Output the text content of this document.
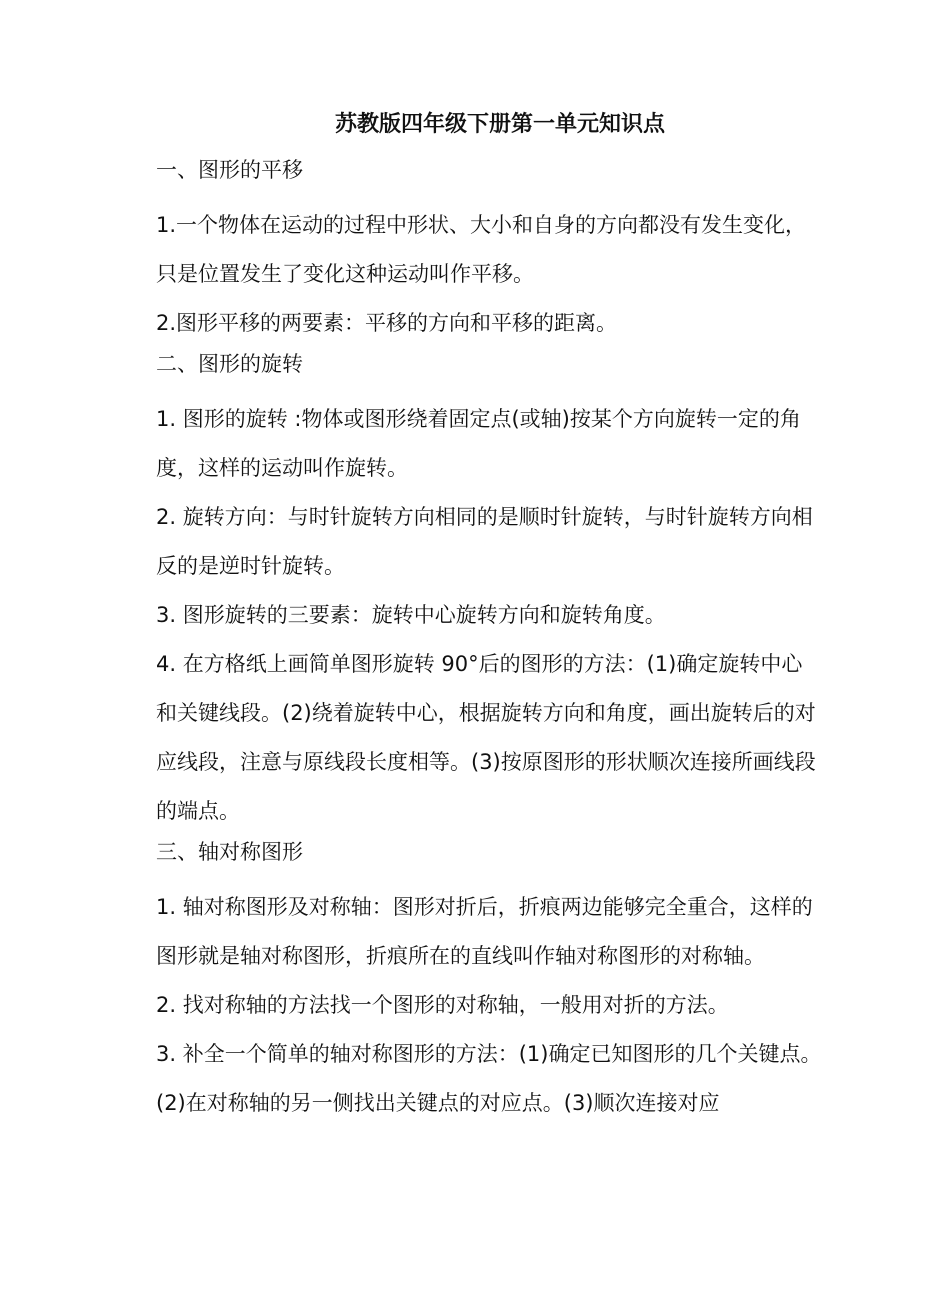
苏教版四年级下册第一单元知识点
一、图形的平移

1.一个物体在运动的过程中形状、大小和自身的方向都没有发生变化，只是位置发生了变化这种运动叫作平移。

2.图形平移的两要素：平移的方向和平移的距离。

二、图形的旋转

1. 图形的旋转 :物体或图形绕着固定点(或轴)按某个方向旋转一定的角度，这样的运动叫作旋转。

2. 旋转方向：与时针旋转方向相同的是顺时针旋转，与时针旋转方向相反的是逆时针旋转。

3. 图形旋转的三要素：旋转中心旋转方向和旋转角度。

4. 在方格纸上画简单图形旋转 90°后的图形的方法：(1)确定旋转中心和关键线段。(2)绕着旋转中心，根据旋转方向和角度，画出旋转后的对应线段，注意与原线段长度相等。(3)按原图形的形状顺次连接所画线段的端点。

三、轴对称图形

1. 轴对称图形及对称轴：图形对折后，折痕两边能够完全重合，这样的图形就是轴对称图形，折痕所在的直线叫作轴对称图形的对称轴。

2. 找对称轴的方法找一个图形的对称轴，一般用对折的方法。

3. 补全一个简单的轴对称图形的方法：(1)确定已知图形的几个关键点。(2)在对称轴的另一侧找出关键点的对应点。(3)顺次连接对应
